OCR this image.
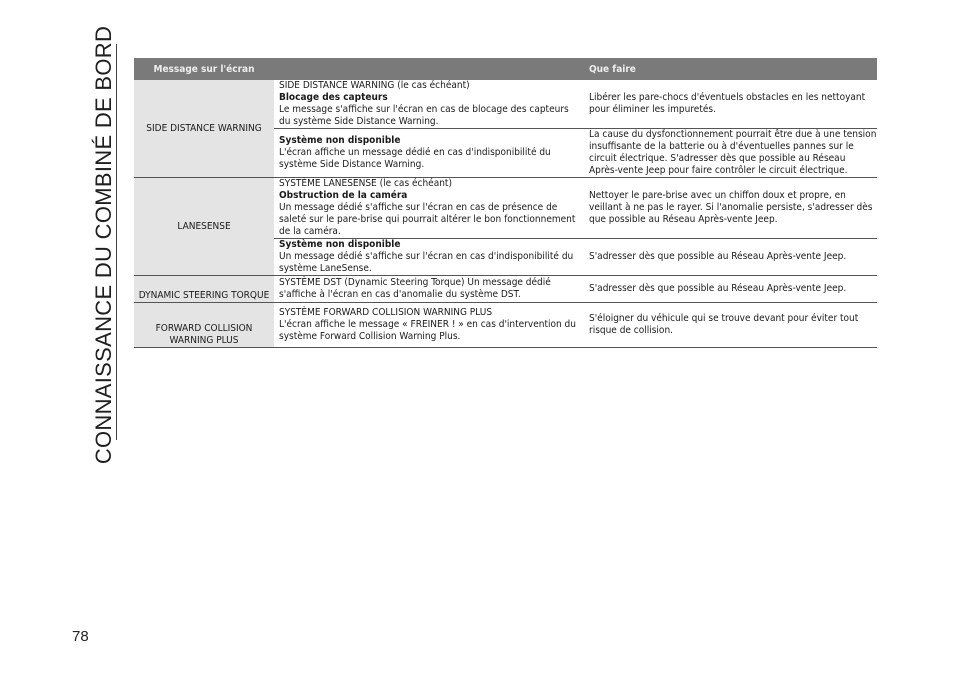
CONNAISSANCE DU COMBINÉ DE BORD	Message sur l'écran	Que faire
SIDE DISTANCE WARNING
SIDE DISTANCE WARNING (le cas échéant)
Blocage des capteurs
Le message s'affiche sur l'écran en cas de blocage des capteurs du système Side Distance Warning.
Libérer les pare-chocs d'éventuels obstacles en les nettoyant pour éliminer les impuretés.
Système non disponible
L'écran affiche un message dédié en cas d'indisponibilité du système Side Distance Warning.
La cause du dysfonctionnement pourrait être due à une tension insuffisante de la batterie ou à d'éventuelles pannes sur le circuit électrique. S'adresser dès que possible au Réseau Après-vente Jeep pour faire contrôler le circuit électrique.
LANESENSE
SYSTÈME LANESENSE (le cas échéant)
Obstruction de la caméra
Un message dédié s'affiche sur l'écran en cas de présence de saleté sur le pare-brise qui pourrait altérer le bon fonctionnement de la caméra.
Nettoyer le pare-brise avec un chiffon doux et propre, en veillant à ne pas le rayer. Si l'anomalie persiste, s'adresser dès que possible au Réseau Après-vente Jeep.
Système non disponible
Un message dédié s'affiche sur l'écran en cas d'indisponibilité du système LaneSense.
S'adresser dès que possible au Réseau Après-vente Jeep.
DYNAMIC STEERING TORQUE
SYSTÈME DST (Dynamic Steering Torque) Un message dédié s'affiche à l'écran en cas d'anomalie du système DST.
S'adresser dès que possible au Réseau Après-vente Jeep.
FORWARD COLLISION WARNING PLUS
SYSTÈME FORWARD COLLISION WARNING PLUS
L'écran affiche le message « FREINER ! » en cas d'intervention du système Forward Collision Warning Plus.
S'éloigner du véhicule qui se trouve devant pour éviter tout risque de collision.
78
